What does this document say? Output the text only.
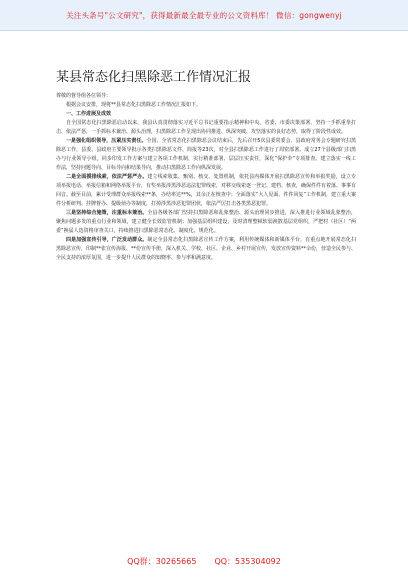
关注头条号"公文研究"，获得最新最全最专业的公文资料库！ 微信：gongwenyj
某县常态化扫黑除恶工作情况汇报

尊敬的督导组各位领导：

根据会议安排，现将**县常态化扫黑除恶工作情况汇报如下。

一、工作进展及成效

自全国常态化扫黑除恶启动以来，我县认真贯彻落实习近平总书记重要指示精神和中央、省委、市委决策部署，坚持一手抓重拳打击、依法严惩，一手抓标本兼治、源头治理，扫黑除恶工作呈现出协同推进、纵深突破、攻坚落实的良好态势，取得了阶段性成效。

一是强化组织领导，压紧压实责任。全国、全省常态化扫黑除恶会议结束后，先后召开5次县委常委会、县政府常务会专题研究扫黑除恶工作，县委、县政府主要领导批示各类扫黑除恶文件、简报等23次，对全县扫黑除恶工作进行了周密部署。成立27个县级部门扫黑办与行业领导小组，同步印发工作方案与建立各项工作机制，实行精准部署、层层压实责任，深化“保护伞”专项排查。建立落实一线工作法，坚持问题导向、目标导向和结果导向，推动扫黑除恶工作向纵深发展。

二是全面摸排线索，依法严惩严办。建立线索收集、甄别、核交、处置机制，依托县内媒体开展扫黑除恶宣传和举报奖励，设立专项举报电话、举报信箱和网络举报平台，有奖举报涉黑涉恶违法犯罪线索，对移交线索逐一登记、建档、核查，确保件件有着落、事事有回音。截至目前，累计受理群众举报线索**条，办结率达**%，其余正在核查中；全面落实“大人见面、件件回复”工作机制，建立重大案件分析研判、挂牌督办、提级侦办等制度，打掉涉黑涉恶犯罪团伙，依法严厉打击各类黑恶犯罪。

三是坚持综合施策，注重标本兼治。全县各级各部门坚持扫黑除恶和乱象整治、源头治理同步推进，深入推进行业领域乱象整治，聚焦问题多发的重点行业和领域，建立健全长效监管机制；加强基层组织建设，及时清理整顿软弱涣散基层党组织，严把村（社区）“两委”换届人选资格审查关口，持续推进扫黑除恶常态化、制度化、规范化。

四是加强宣传引导，广泛发动群众。制定全县常态化扫黑除恶宣传工作方案，利用传统媒体和新媒体平台，有重点地开展常态化扫黑除恶宣传，印制**张宣传海报、**份宣传手册，深入机关、学校、社区、企业、乡村开展宣传，发放宣传资料**余份，营造全民参与、全民支持的浓厚氛围，进一步提升人民群众的知晓率、参与率和满意度。

QQ群：30265665 QQ：535304092
